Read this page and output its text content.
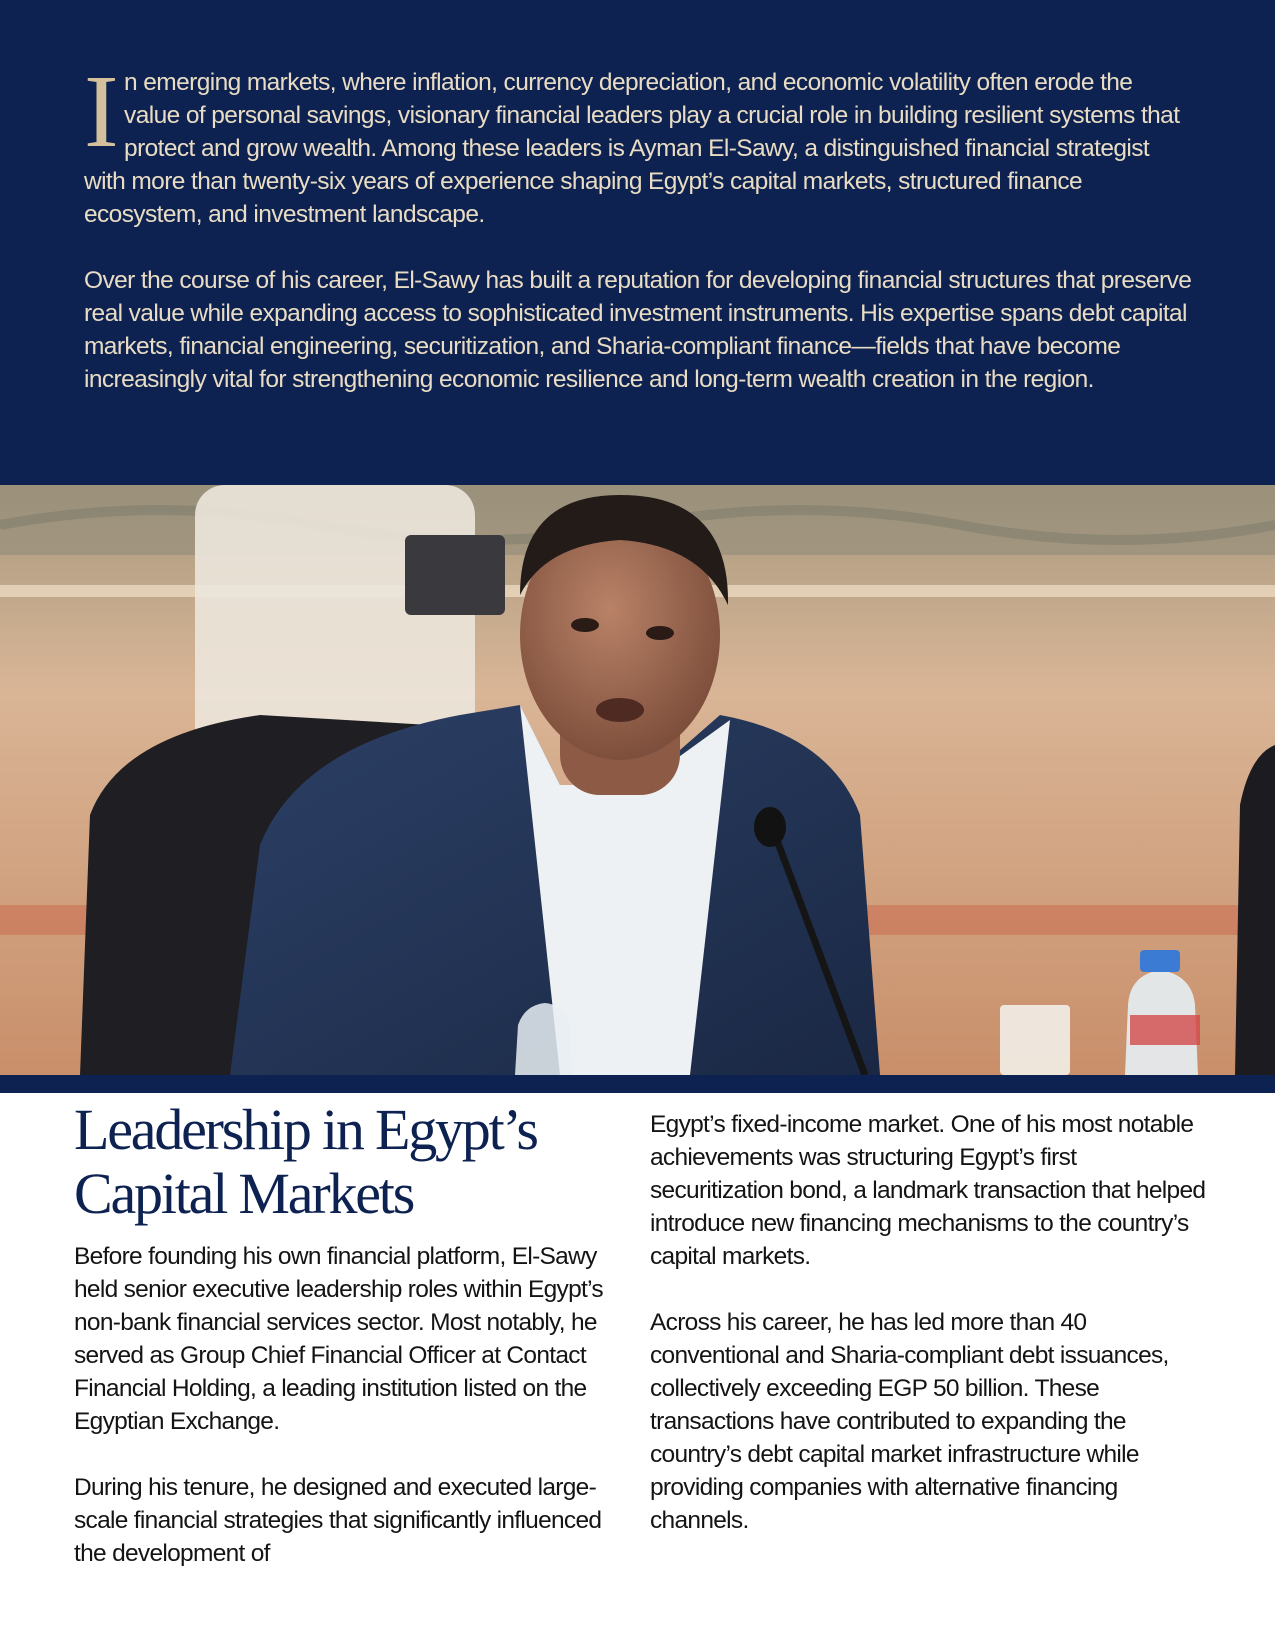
In emerging markets, where inflation, currency depreciation, and economic volatility often erode the value of personal savings, visionary financial leaders play a crucial role in building resilient systems that protect and grow wealth. Among these leaders is Ayman El-Sawy, a distinguished financial strategist with more than twenty-six years of experience shaping Egypt’s capital markets, structured finance ecosystem, and investment landscape.

Over the course of his career, El-Sawy has built a reputation for developing financial structures that preserve real value while expanding access to sophisticated investment instruments. His expertise spans debt capital markets, financial engineering, securitization, and Sharia-compliant finance—fields that have become increasingly vital for strengthening economic resilience and long-term wealth creation in the region.

Leadership in Egypt’s Capital Markets

Before founding his own financial platform, El-Sawy held senior executive leadership roles within Egypt’s non-bank financial services sector. Most notably, he served as Group Chief Financial Officer at Contact Financial Holding, a leading institution listed on the Egyptian Exchange.

During his tenure, he designed and executed large-scale financial strategies that significantly influenced the development of

Egypt’s fixed-income market. One of his most notable achievements was structuring Egypt’s first securitization bond, a landmark transaction that helped introduce new financing mechanisms to the country’s capital markets.

Across his career, he has led more than 40 conventional and Sharia-compliant debt issuances, collectively exceeding EGP 50 billion. These transactions have contributed to expanding the country’s debt capital market infrastructure while providing companies with alternative financing channels.
